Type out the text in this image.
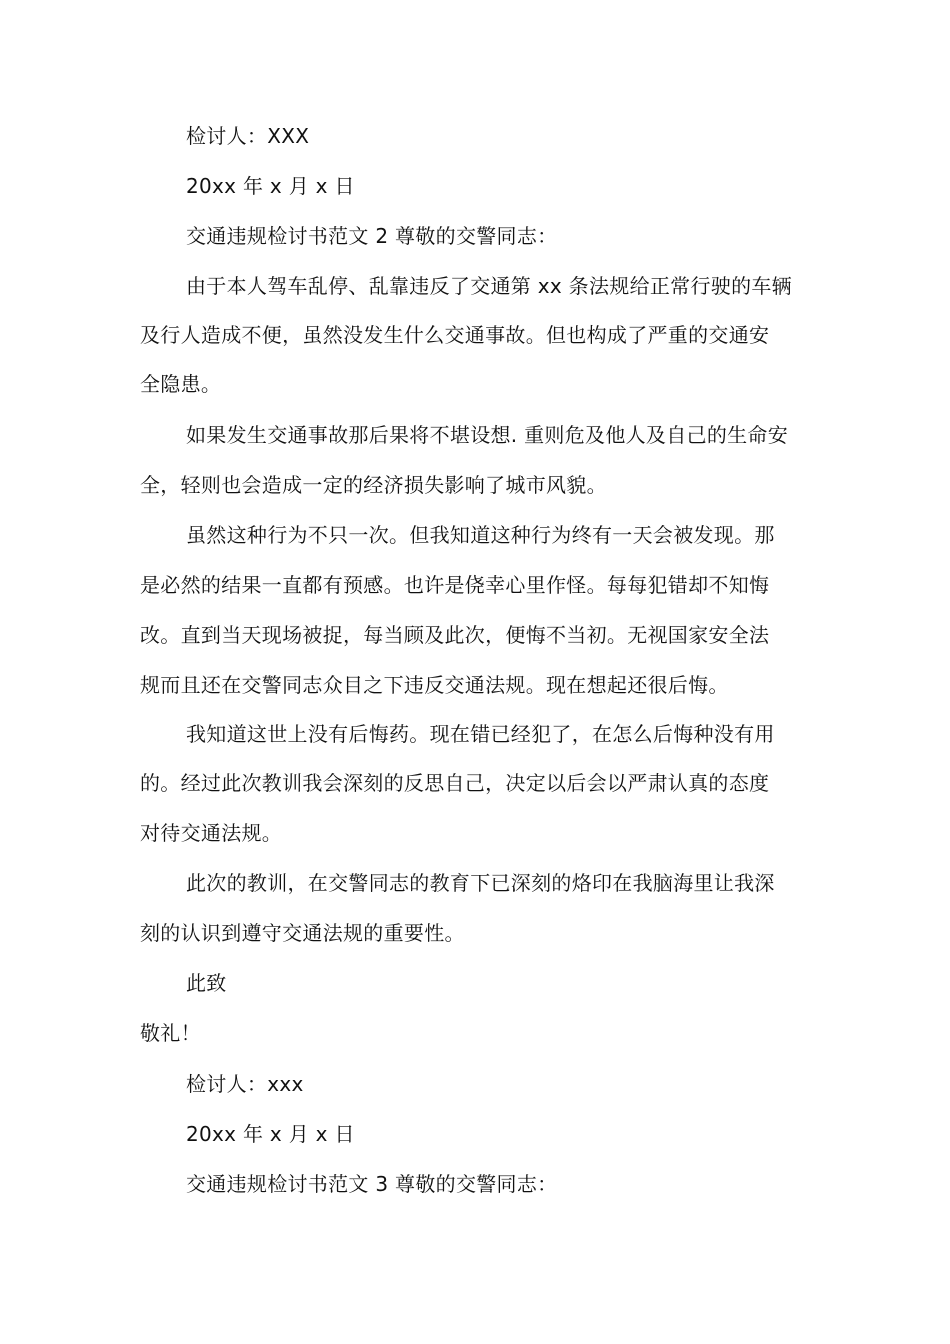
检讨人：XXX
20xx 年 x 月 x 日
交通违规检讨书范文 2 尊敬的交警同志：
由于本人驾车乱停、乱靠违反了交通第 xx 条法规给正常行驶的车辆
及行人造成不便，虽然没发生什么交通事故。但也构成了严重的交通安
全隐患。
如果发生交通事故那后果将不堪设想. 重则危及他人及自己的生命安
全，轻则也会造成一定的经济损失影响了城市风貌。
虽然这种行为不只一次。但我知道这种行为终有一天会被发现。那
是必然的结果一直都有预感。也许是侥幸心里作怪。每每犯错却不知悔
改。直到当天现场被捉，每当顾及此次，便悔不当初。无视国家安全法
规而且还在交警同志众目之下违反交通法规。现在想起还很后悔。
我知道这世上没有后悔药。现在错已经犯了，在怎么后悔种没有用
的。经过此次教训我会深刻的反思自己，决定以后会以严肃认真的态度
对待交通法规。
此次的教训，在交警同志的教育下已深刻的烙印在我脑海里让我深
刻的认识到遵守交通法规的重要性。
此致
敬礼！
检讨人：xxx
20xx 年 x 月 x 日
交通违规检讨书范文 3 尊敬的交警同志：
